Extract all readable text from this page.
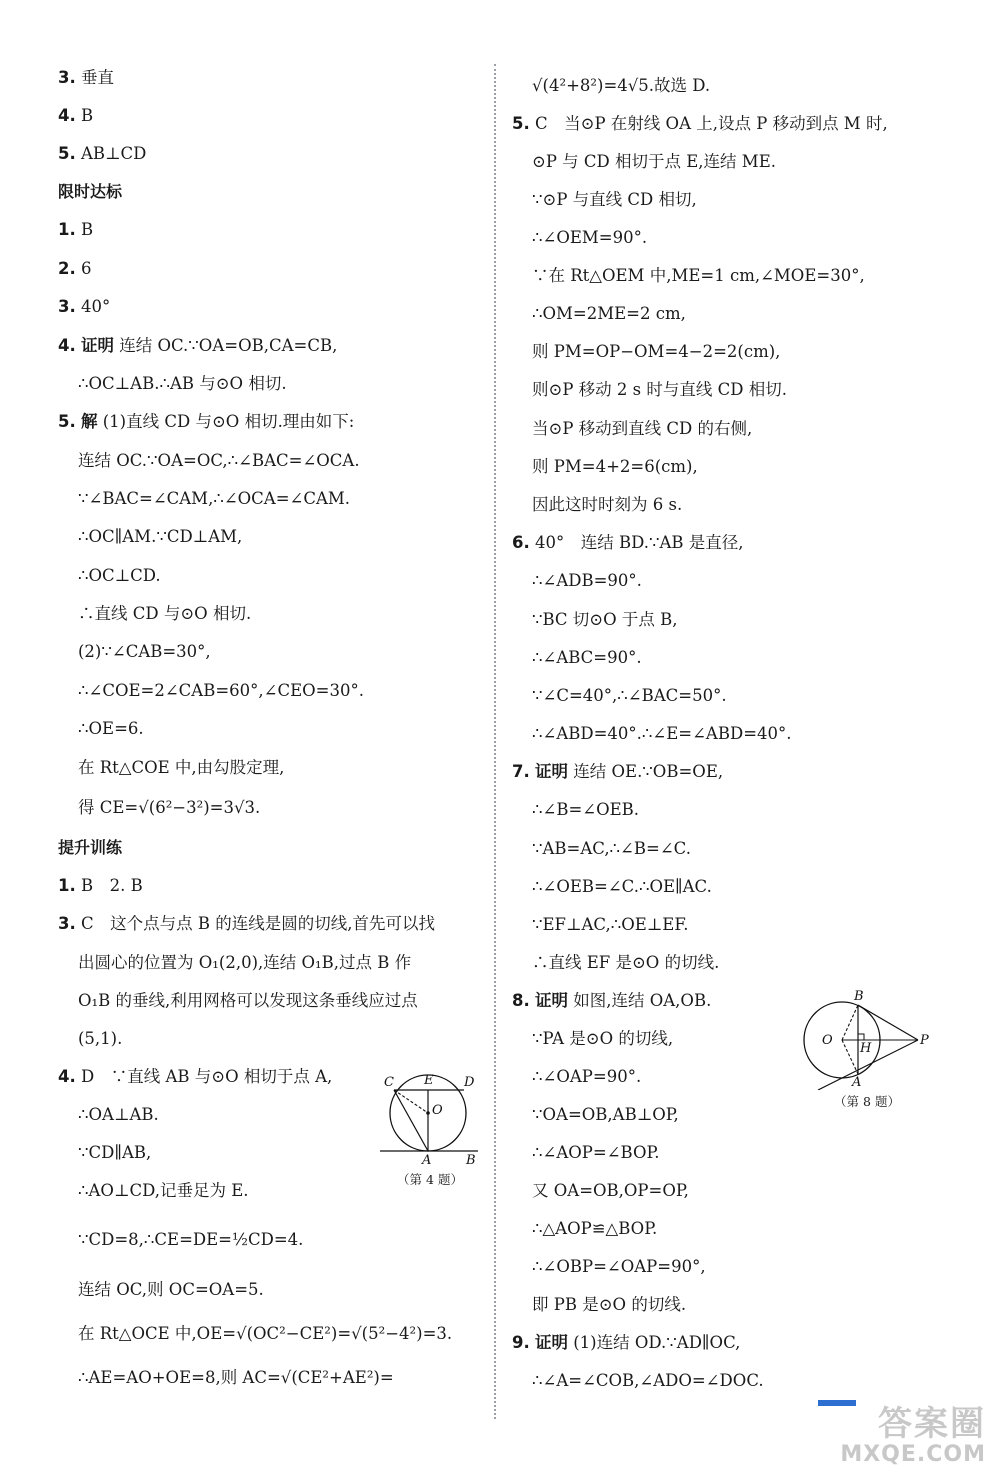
3. 垂直
4. B
5. AB⊥CD
限时达标
1. B
2. 6
3. 40°
4. 证明 连结 OC.∵OA=OB,CA=CB,
∴OC⊥AB.∴AB 与⊙O 相切.
5. 解 (1)直线 CD 与⊙O 相切.理由如下:
连结 OC.∵OA=OC,∴∠BAC=∠OCA.
∵∠BAC=∠CAM,∴∠OCA=∠CAM.
∴OC∥AM.∵CD⊥AM,
∴OC⊥CD.
∴直线 CD 与⊙O 相切.
(2)∵∠CAB=30°,
∴∠COE=2∠CAB=60°,∠CEO=30°.
∴OE=6.
在 Rt△COE 中,由勾股定理,
得 CE=√(6²−3²)=3√3.
提升训练
1. B　2. B
3. C　这个点与点 B 的连线是圆的切线,首先可以找
出圆心的位置为 O₁(2,0),连结 O₁B,过点 B 作
O₁B 的垂线,利用网格可以发现这条垂线应过点
(5,1).
4. D　∵直线 AB 与⊙O 相切于点 A,
∴OA⊥AB.
∵CD∥AB,
∴AO⊥CD,记垂足为 E.
∵CD=8,∴CE=DE=½CD=4.
连结 OC,则 OC=OA=5.
在 Rt△OCE 中,OE=√(OC²−CE²)=√(5²−4²)=3.
∴AE=AO+OE=8,则 AC=√(CE²+AE²)=
√(4²+8²)=4√5.故选 D.
5. C　当⊙P 在射线 OA 上,设点 P 移动到点 M 时,
⊙P 与 CD 相切于点 E,连结 ME.
∵⊙P 与直线 CD 相切,
∴∠OEM=90°.
∵在 Rt△OEM 中,ME=1 cm,∠MOE=30°,
∴OM=2ME=2 cm,
则 PM=OP−OM=4−2=2(cm),
则⊙P 移动 2 s 时与直线 CD 相切.
当⊙P 移动到直线 CD 的右侧,
则 PM=4+2=6(cm),
因此这时时刻为 6 s.
6. 40°　连结 BD.∵AB 是直径,
∴∠ADB=90°.
∵BC 切⊙O 于点 B,
∴∠ABC=90°.
∵∠C=40°,∴∠BAC=50°.
∴∠ABD=40°.∴∠E=∠ABD=40°.
7. 证明 连结 OE.∵OB=OE,
∴∠B=∠OEB.
∵AB=AC,∴∠B=∠C.
∴∠OEB=∠C.∴OE∥AC.
∵EF⊥AC,∴OE⊥EF.
∴直线 EF 是⊙O 的切线.
8. 证明 如图,连结 OA,OB.
∵PA 是⊙O 的切线,
∴∠OAP=90°.
∵OA=OB,AB⊥OP,
∴∠AOP=∠BOP.
又 OA=OB,OP=OP,
∴△AOP≌△BOP.
∴∠OBP=∠OAP=90°,
即 PB 是⊙O 的切线.
9. 证明 (1)连结 OD.∵AD∥OC,
∴∠A=∠COB,∠ADO=∠DOC.
C E D
O
A	B
（第 4 题）
B
O
H
P
A
（第 8 题）
答案圈
MXQE.COM
